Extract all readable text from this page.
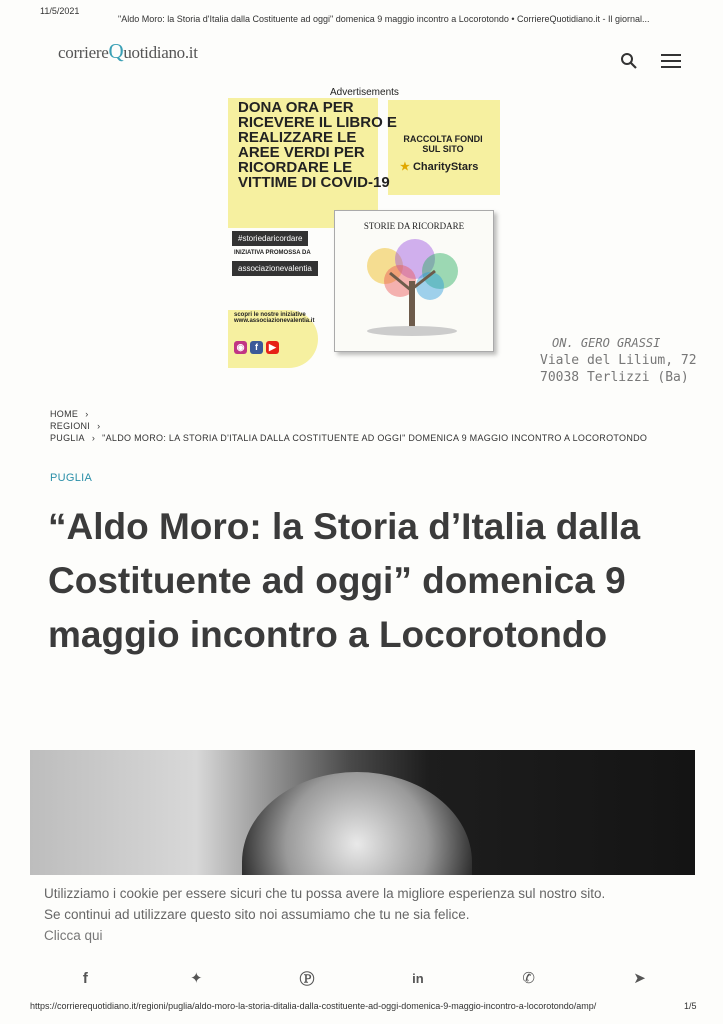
11/5/2021
"Aldo Moro: la Storia d'Italia dalla Costituente ad oggi" domenica 9 maggio incontro a Locorotondo • CorriereQuotidiano.it - Il giornal...
corriereQuotidiano.it
Advertisements
DONA ORA PER RICEVERE IL LIBRO E REALIZZARE LE AREE VERDI PER RICORDARE LE VITTIME DI COVID-19
#storiedaricordare
INIZIATIVA PROMOSSA DA
associazionevalentia
RACCOLTA FONDI SUL SITO
★ CharityStars
STORIE DA RICORDARE
scopri le nostre iniziative
www.associazionevalentia.it
◉	f	▶	ON. GERO GRASSI
Viale del Lilium, 72
70038 Terlizzi (Ba)
HOME ›
REGIONI ›
PUGLIA › "ALDO MORO: LA STORIA D'ITALIA DALLA COSTITUENTE AD OGGI" DOMENICA 9 MAGGIO INCONTRO A LOCOROTONDO
PUGLIA
“Aldo Moro: la Storia d’Italia dalla Costituente ad oggi” domenica 9 maggio incontro a Locorotondo

Utilizziamo i cookie per essere sicuri che tu possa avere la migliore esperienza sul nostro sito.

Se continui ad utilizzare questo sito noi assumiamo che tu ne sia felice.

Clicca qui
f	✦	Ⓟ	in	✆	➤
https://corrierequotidiano.it/regioni/puglia/aldo-moro-la-storia-ditalia-dalla-costituente-ad-oggi-domenica-9-maggio-incontro-a-locorotondo/amp/	1/5
